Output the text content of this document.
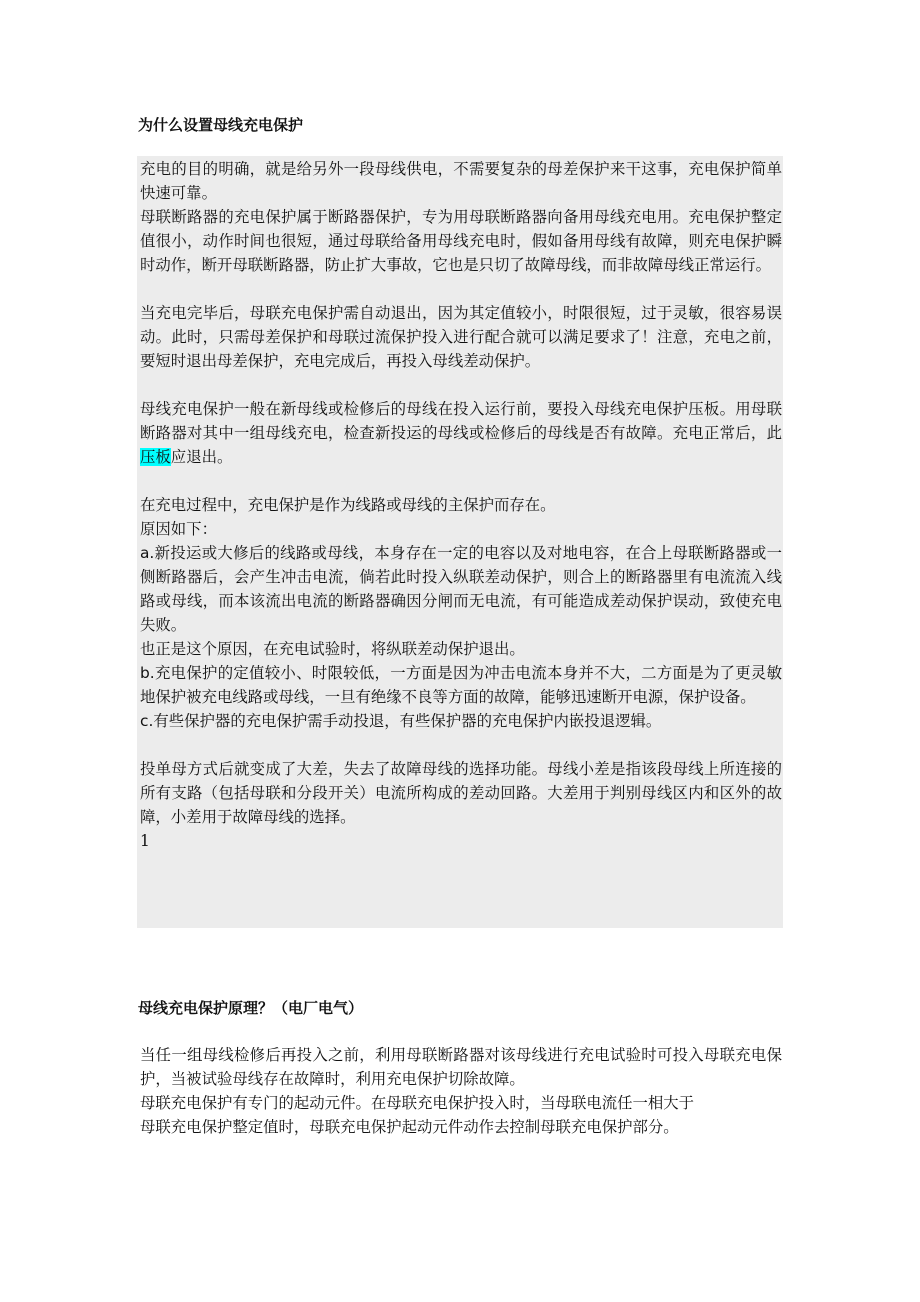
为什么设置母线充电保护

充电的目的明确，就是给另外一段母线供电，不需要复杂的母差保护来干这事，充电保护简单快速可靠。

母联断路器的充电保护属于断路器保护，专为用母联断路器向备用母线充电用。充电保护整定值很小，动作时间也很短，通过母联给备用母线充电时，假如备用母线有故障，则充电保护瞬时动作，断开母联断路器，防止扩大事故，它也是只切了故障母线，而非故障母线正常运行。

当充电完毕后，母联充电保护需自动退出，因为其定值较小，时限很短，过于灵敏，很容易误动。此时，只需母差保护和母联过流保护投入进行配合就可以满足要求了！注意，充电之前，要短时退出母差保护，充电完成后，再投入母线差动保护。

母线充电保护一般在新母线或检修后的母线在投入运行前，要投入母线充电保护压板。用母联断路器对其中一组母线充电，检查新投运的母线或检修后的母线是否有故障。充电正常后，此压板应退出。

在充电过程中，充电保护是作为线路或母线的主保护而存在。

原因如下：

a.新投运或大修后的线路或母线，本身存在一定的电容以及对地电容，在合上母联断路器或一侧断路器后，会产生冲击电流，倘若此时投入纵联差动保护，则合上的断路器里有电流流入线路或母线，而本该流出电流的断路器确因分闸而无电流，有可能造成差动保护误动，致使充电失败。

也正是这个原因，在充电试验时，将纵联差动保护退出。

b.充电保护的定值较小、时限较低，一方面是因为冲击电流本身并不大，二方面是为了更灵敏地保护被充电线路或母线，一旦有绝缘不良等方面的故障，能够迅速断开电源，保护设备。

c.有些保护器的充电保护需手动投退，有些保护器的充电保护内嵌投退逻辑。

投单母方式后就变成了大差，失去了故障母线的选择功能。母线小差是指该段母线上所连接的所有支路（包括母联和分段开关）电流所构成的差动回路。大差用于判别母线区内和区外的故障，小差用于故障母线的选择。

1

母线充电保护原理？（电厂电气）

当任一组母线检修后再投入之前，利用母联断路器对该母线进行充电试验时可投入母联充电保护，当被试验母线存在故障时，利用充电保护切除故障。

母联充电保护有专门的起动元件。在母联充电保护投入时，当母联电流任一相大于

母联充电保护整定值时，母联充电保护起动元件动作去控制母联充电保护部分。
